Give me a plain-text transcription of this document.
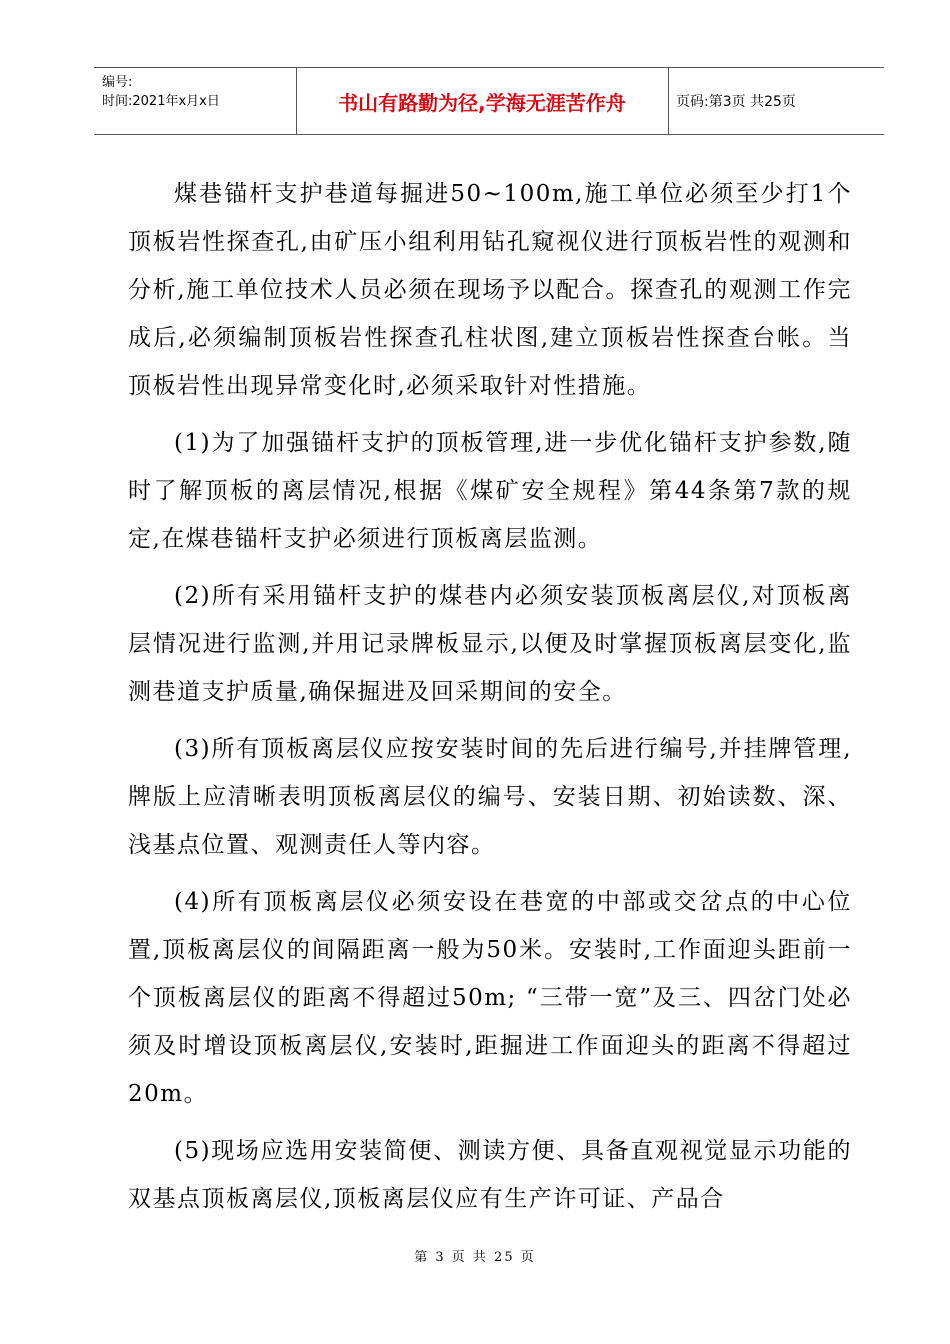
编号:
时间:2021年x月x日	书山有路勤为径,学海无涯苦作舟	页码:第3页 共25页

煤巷锚杆支护巷道每掘进50~100m,施工单位必须至少打1个顶板岩性探查孔,由矿压小组利用钻孔窥视仪进行顶板岩性的观测和分析,施工单位技术人员必须在现场予以配合。探查孔的观测工作完成后,必须编制顶板岩性探查孔柱状图,建立顶板岩性探查台帐。当顶板岩性出现异常变化时,必须采取针对性措施。

(1)为了加强锚杆支护的顶板管理,进一步优化锚杆支护参数,随时了解顶板的离层情况,根据《煤矿安全规程》第44条第7款的规定,在煤巷锚杆支护必须进行顶板离层监测。

(2)所有采用锚杆支护的煤巷内必须安装顶板离层仪,对顶板离层情况进行监测,并用记录牌板显示,以便及时掌握顶板离层变化,监测巷道支护质量,确保掘进及回采期间的安全。

(3)所有顶板离层仪应按安装时间的先后进行编号,并挂牌管理,牌版上应清晰表明顶板离层仪的编号、安装日期、初始读数、深、浅基点位置、观测责任人等内容。

(4)所有顶板离层仪必须安设在巷宽的中部或交岔点的中心位置,顶板离层仪的间隔距离一般为50米。安装时,工作面迎头距前一个顶板离层仪的距离不得超过50m; “三带一宽”及三、四岔门处必须及时增设顶板离层仪,安装时,距掘进工作面迎头的距离不得超过20m。

(5)现场应选用安装简便、测读方便、具备直观视觉显示功能的双基点顶板离层仪,顶板离层仪应有生产许可证、产品合

第 3 页 共 25 页
